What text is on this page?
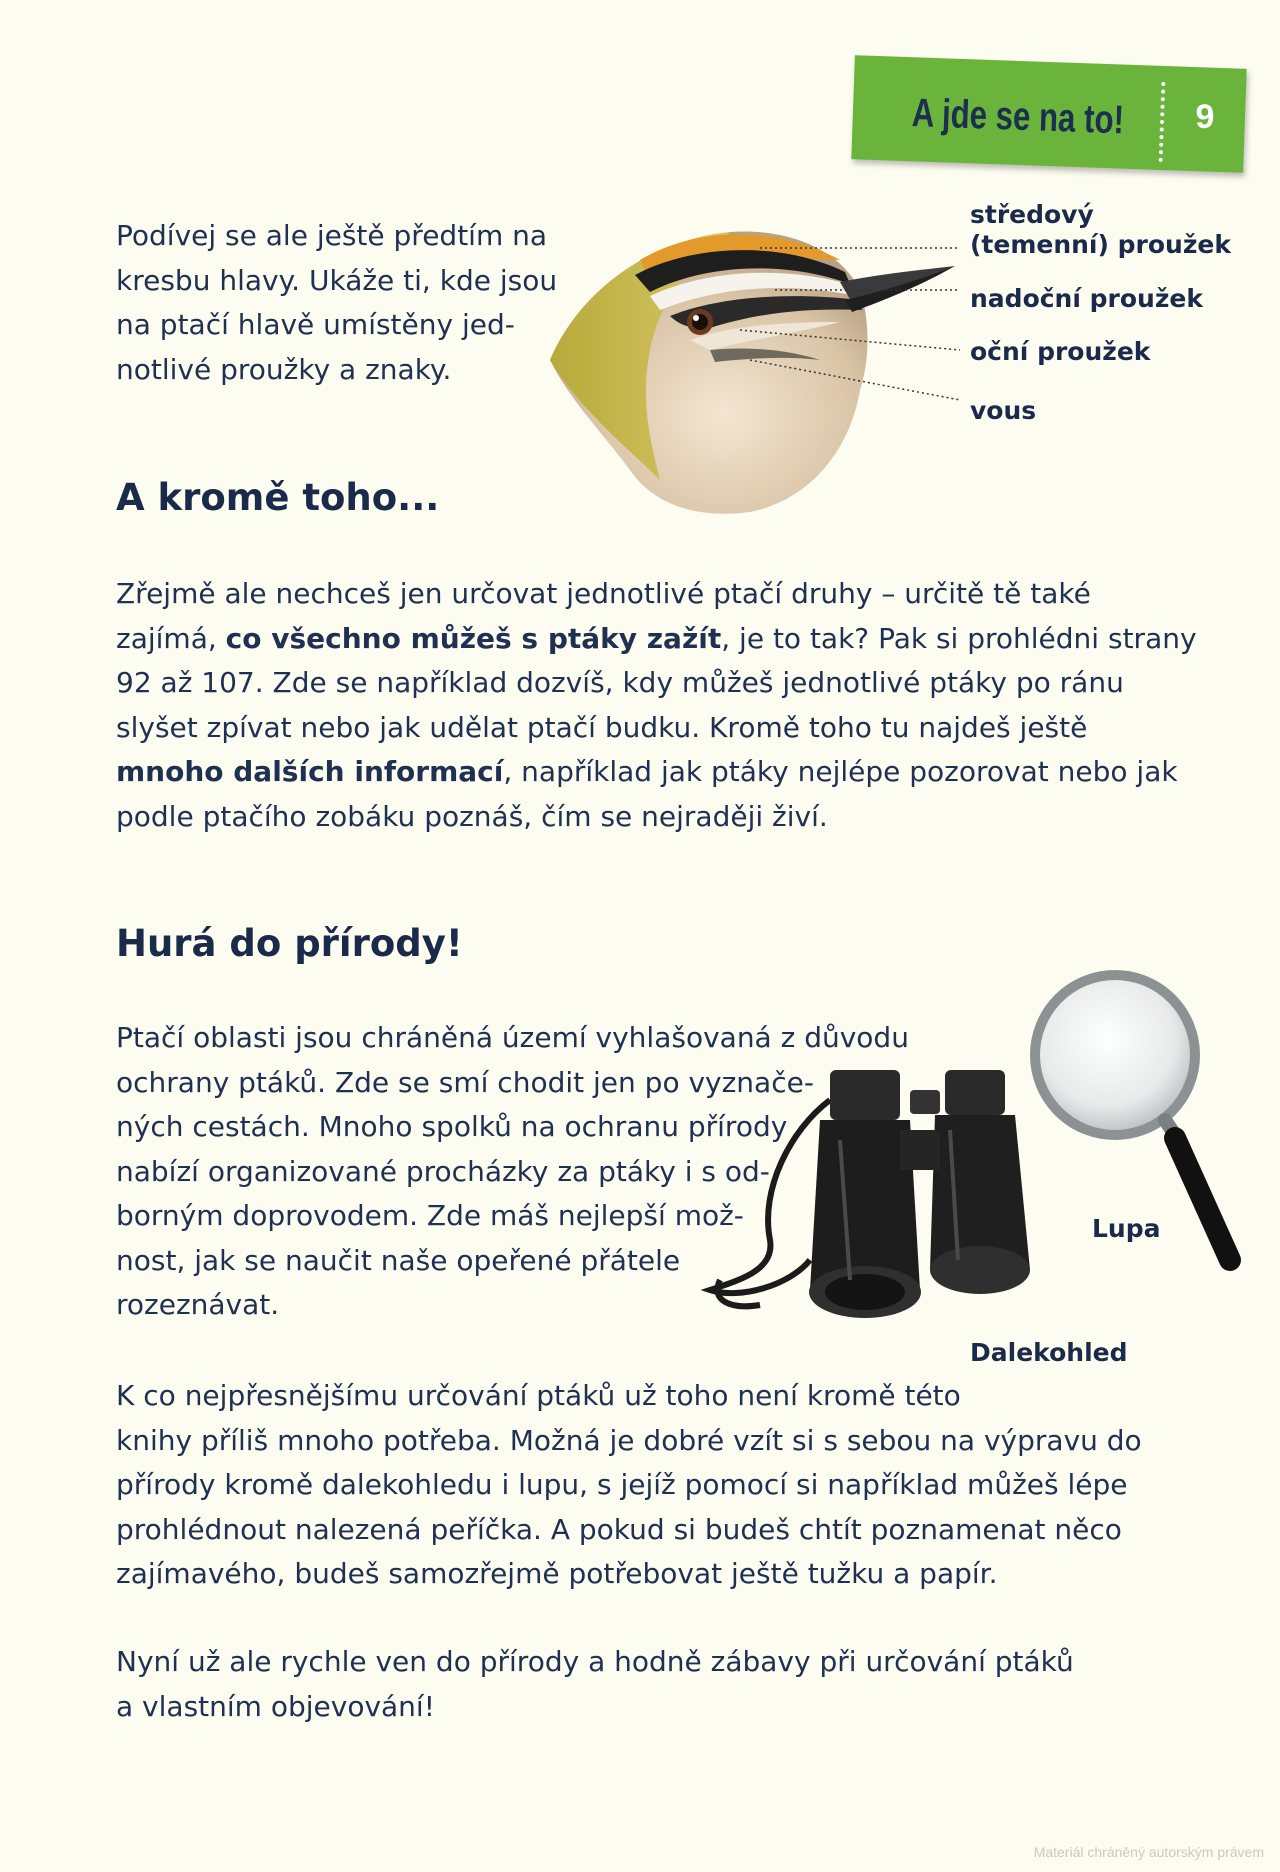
A jde se na to!	9
Podívej se ale ještě předtím na
kresbu hlavy. Ukáže ti, kde jsou
na ptačí hlavě umístěny jed-
notlivé proužky a znaky.
středový
(temenní) proužek
nadoční proužek
oční proužek
vous
A kromě toho...
Zřejmě ale nechceš jen určovat jednotlivé ptačí druhy – určitě tě také
zajímá, co všechno můžeš s ptáky zažít, je to tak? Pak si prohlédni strany
92 až 107. Zde se například dozvíš, kdy můžeš jednotlivé ptáky po ránu
slyšet zpívat nebo jak udělat ptačí budku. Kromě toho tu najdeš ještě
mnoho dalších informací, například jak ptáky nejlépe pozorovat nebo jak
podle ptačího zobáku poznáš, čím se nejraději živí.
Hurá do přírody!
Ptačí oblasti jsou chráněná území vyhlašovaná z důvodu
ochrany ptáků. Zde se smí chodit jen po vyznače-
ných cestách. Mnoho spolků na ochranu přírody
nabízí organizované procházky za ptáky i s od-
borným doprovodem. Zde máš nejlepší mož-
nost, jak se naučit naše opeřené přátele
rozeznávat.
Lupa
Dalekohled
K co nejpřesnějšímu určování ptáků už toho není kromě této
knihy příliš mnoho potřeba. Možná je dobré vzít si s sebou na výpravu do
přírody kromě dalekohledu i lupu, s jejíž pomocí si například můžeš lépe
prohlédnout nalezená peříčka. A pokud si budeš chtít poznamenat něco
zajímavého, budeš samozřejmě potřebovat ještě tužku a papír.
Nyní už ale rychle ven do přírody a hodně zábavy při určování ptáků
a vlastním objevování!
Materiál chráněný autorským právem
